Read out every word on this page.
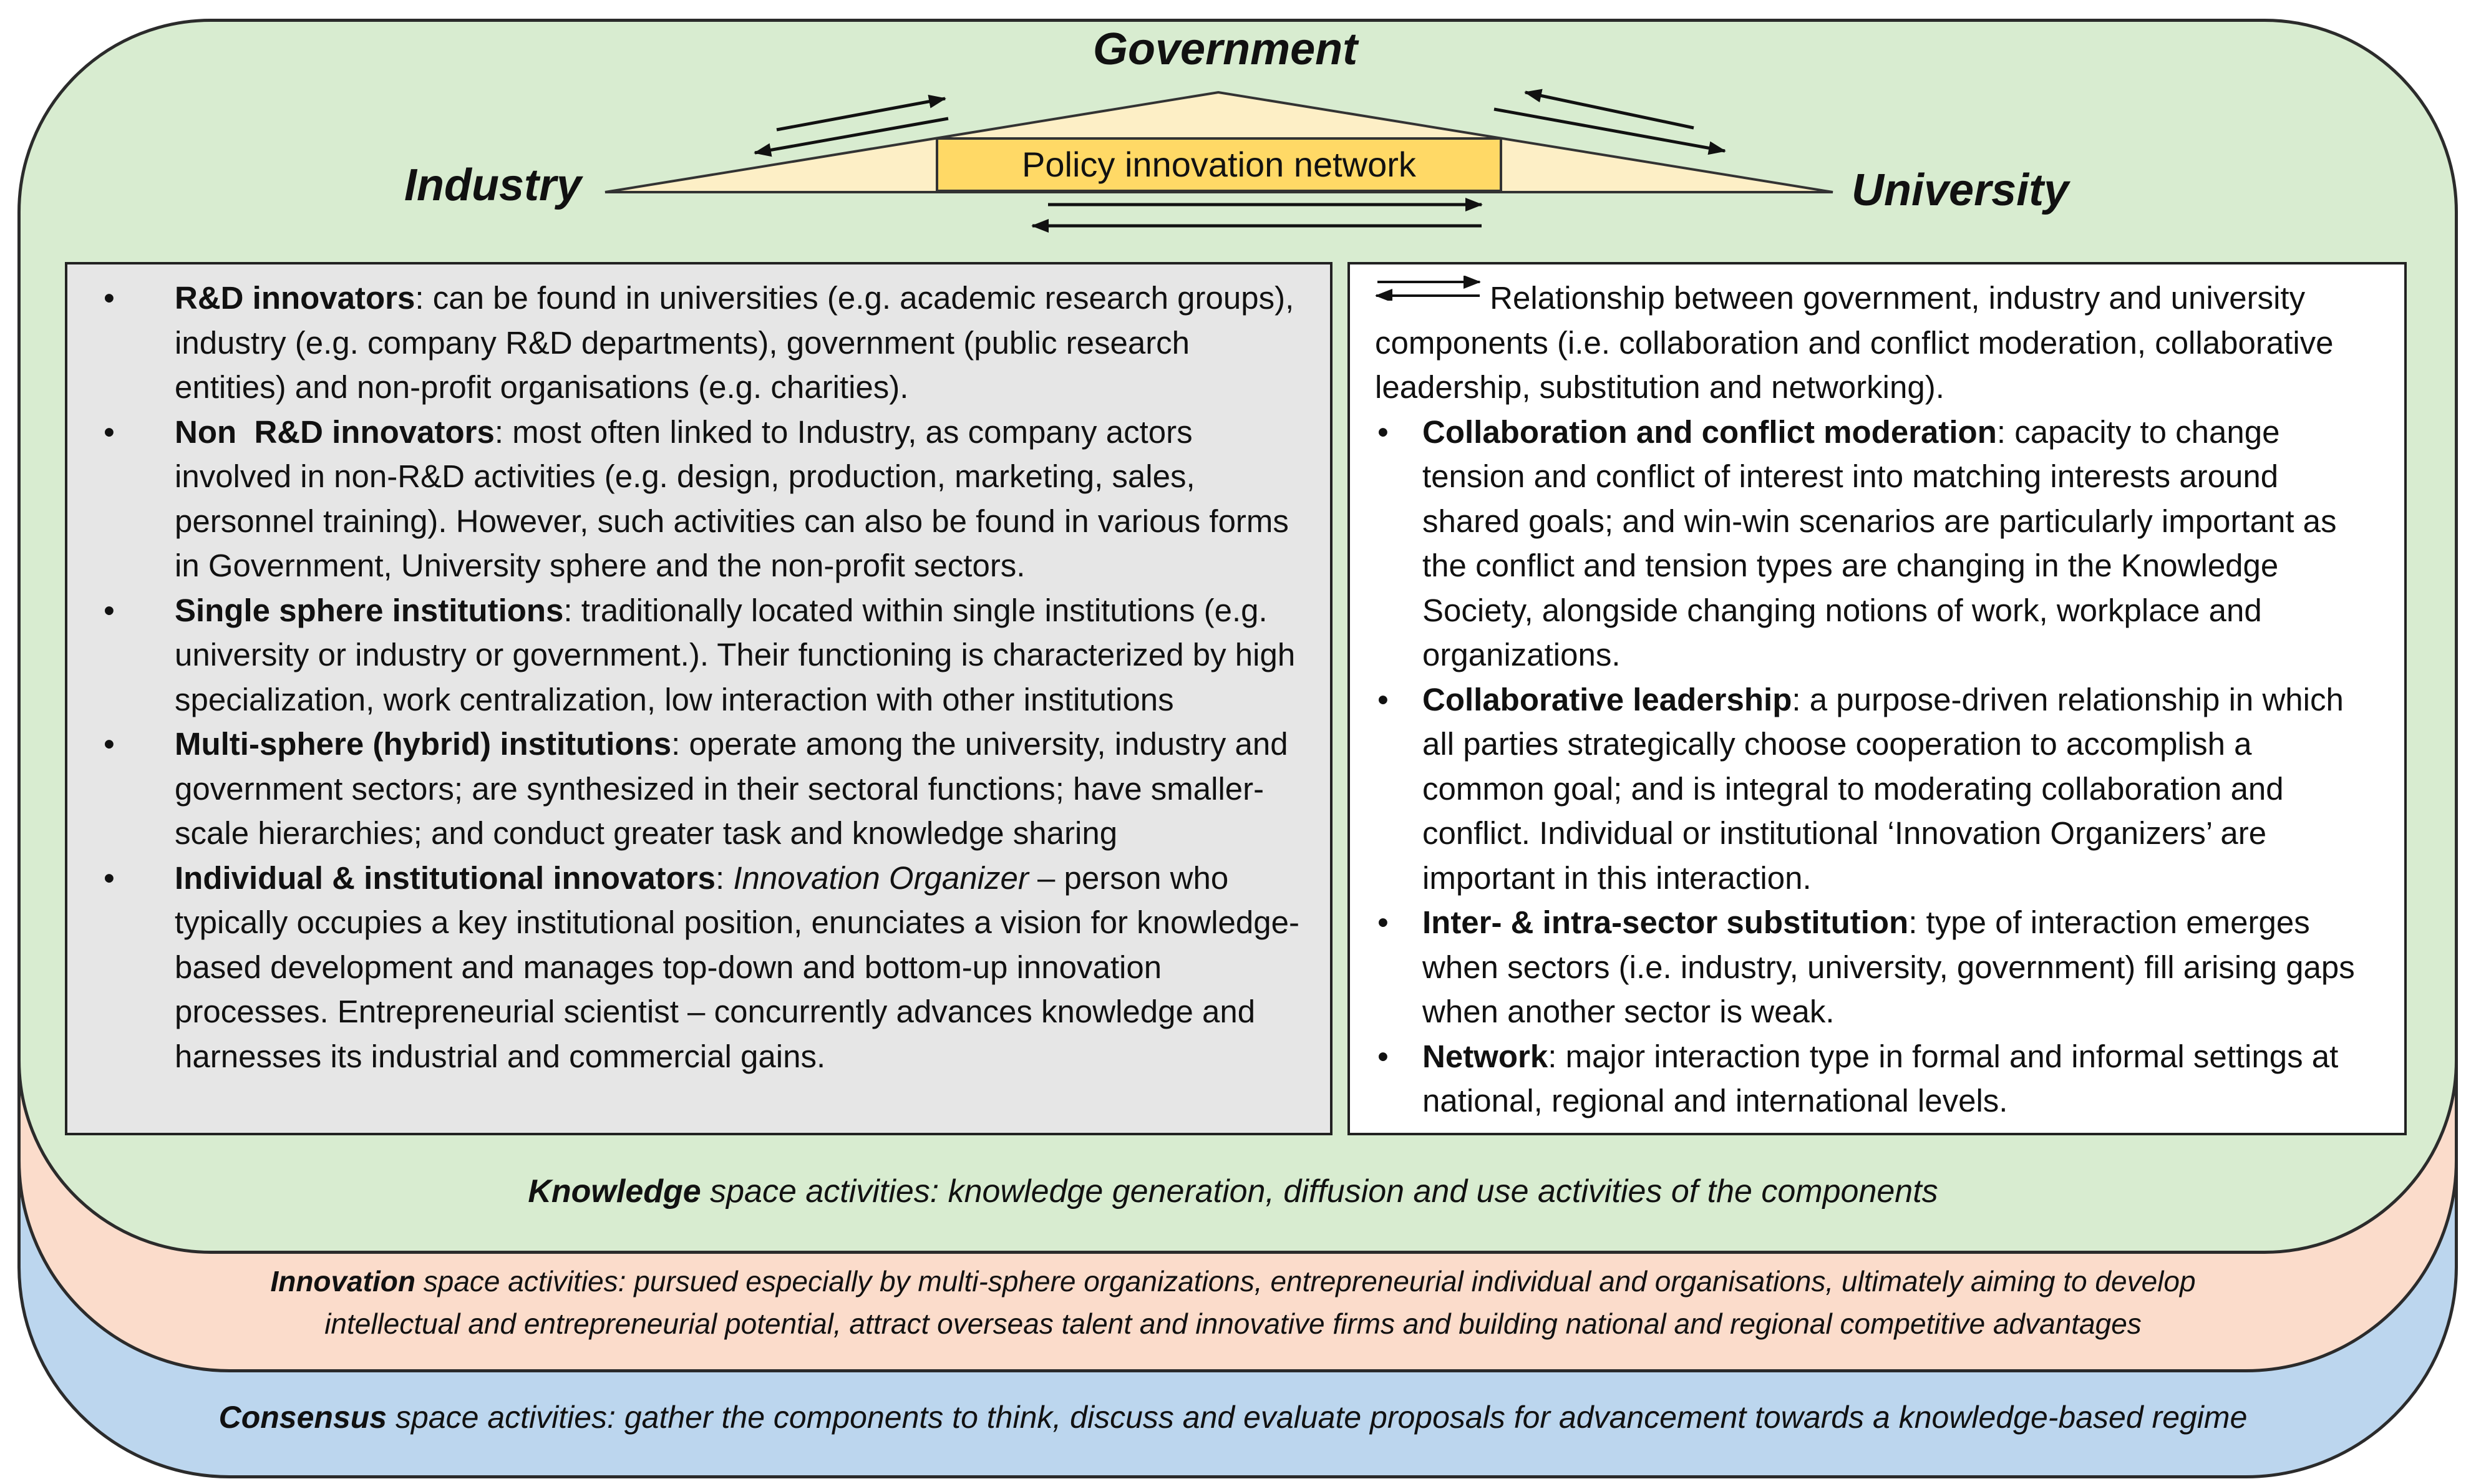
Government
Industry	University
Policy innovation network
• R&D innovators: can be found in universities (e.g. academic research groups), industry (e.g. company R&D departments), government (public research entities) and non-profit organisations (e.g. charities).
• Non  R&D innovators: most often linked to Industry, as company actors involved in non-R&D activities (e.g. design, production, marketing, sales, personnel training). However, such activities can also be found in various forms in Government, University sphere and the non-profit sectors.
• Single sphere institutions: traditionally located within single institutions (e.g. university or industry or government.). Their functioning is characterized by high specialization, work centralization, low interaction with other institutions
• Multi-sphere (hybrid) institutions: operate among the university, industry and government sectors; are synthesized in their sectoral functions; have smaller-scale hierarchies; and conduct greater task and knowledge sharing
• Individual & institutional innovators: Innovation Organizer – person who typically occupies a key institutional position, enunciates a vision for knowledge-based development and manages top-down and bottom-up innovation processes. Entrepreneurial scientist – concurrently advances knowledge and harnesses its industrial and commercial gains.
Relationship between government, industry and university components (i.e. collaboration and conflict moderation, collaborative leadership, substitution and networking).
• Collaboration and conflict moderation: capacity to change tension and conflict of interest into matching interests around shared goals; and win-win scenarios are particularly important as the conflict and tension types are changing in the Knowledge Society, alongside changing notions of work, workplace and organizations.
• Collaborative leadership: a purpose-driven relationship in which all parties strategically choose cooperation to accomplish a common goal; and is integral to moderating collaboration and conflict. Individual or institutional ‘Innovation Organizers’ are important in this interaction.
• Inter- & intra-sector substitution: type of interaction emerges when sectors (i.e. industry, university, government) fill arising gaps when another sector is weak.
• Network: major interaction type in formal and informal settings at national, regional and international levels.
Knowledge space activities: knowledge generation, diffusion and use activities of the components
Innovation space activities: pursued especially by multi-sphere organizations, entrepreneurial individual and organisations, ultimately aiming to develop
intellectual and entrepreneurial potential, attract overseas talent and innovative firms and building national and regional competitive advantages
Consensus space activities: gather the components to think, discuss and evaluate proposals for advancement towards a knowledge-based regime
